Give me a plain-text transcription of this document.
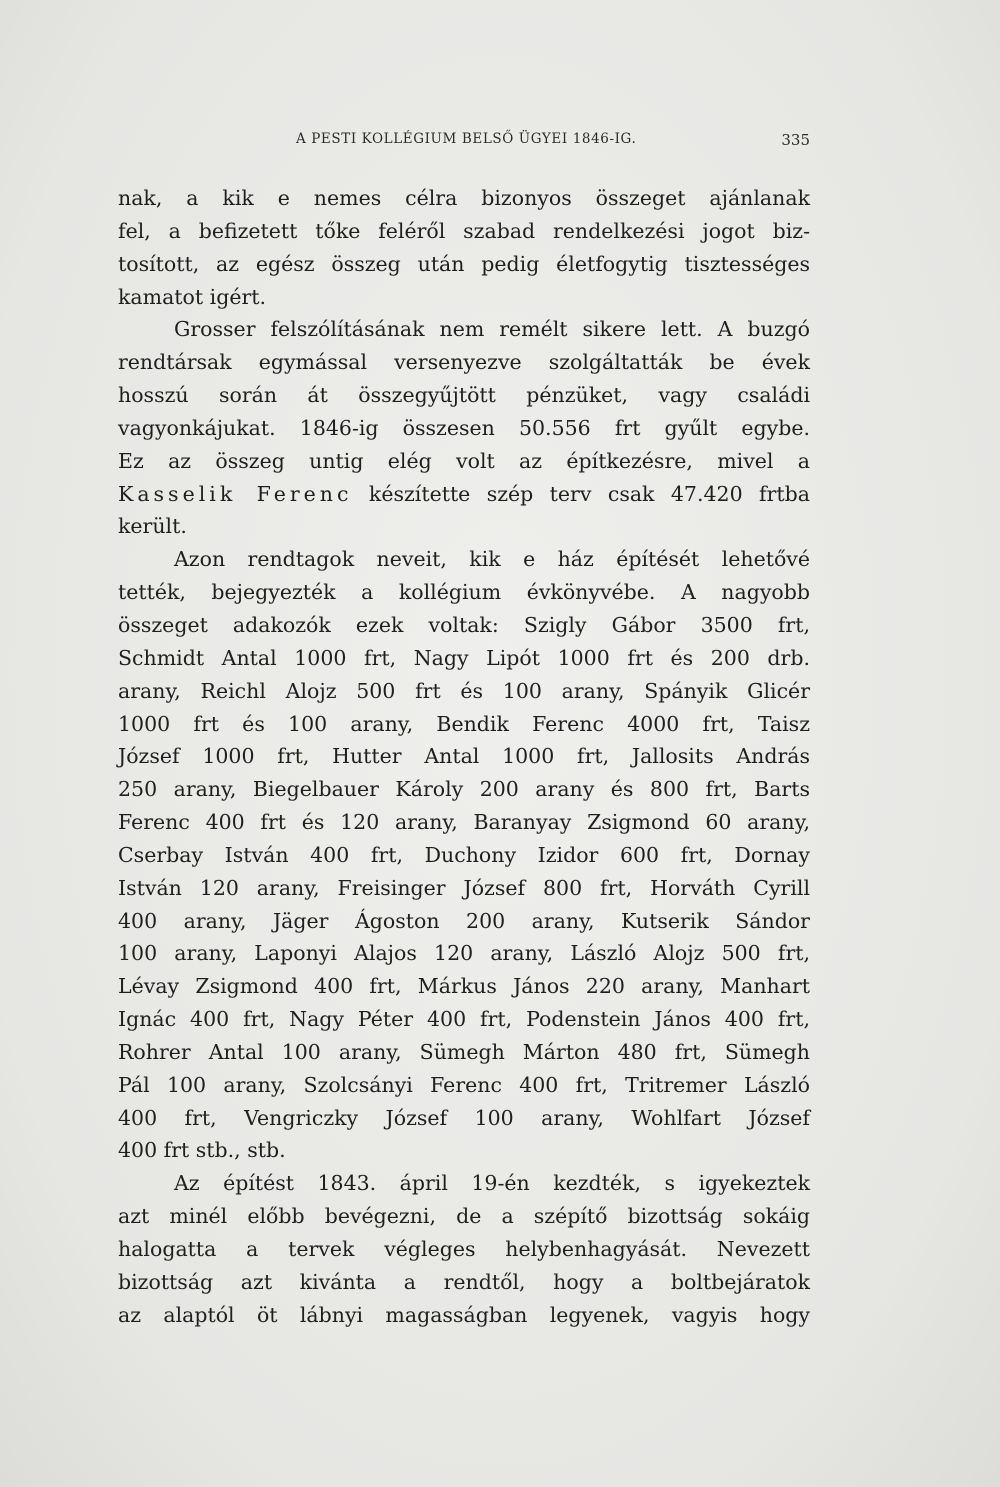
A PESTI KOLLÉGIUM BELSŐ ÜGYEI 1846-IG.	335
nak, a kik e nemes célra bizonyos összeget ajánlanak
fel, a befizetett tőke feléről szabad rendelkezési jogot biz-
tosított, az egész összeg után pedig életfogytig tisztességes
kamatot igért.
Grosser felszólításának nem remélt sikere lett. A buzgó
rendtársak egymással versenyezve szolgáltatták be évek
hosszú során át összegyűjtött pénzüket, vagy családi
vagyonkájukat. 1846-ig összesen 50.556 frt gyűlt egybe.
Ez az összeg untig elég volt az építkezésre, mivel a
Kasselik Ferenc készítette szép terv csak 47.420 frtba
került.
Azon rendtagok neveit, kik e ház építését lehetővé
tették, bejegyezték a kollégium évkönyvébe. A nagyobb
összeget adakozók ezek voltak: Szigly Gábor 3500 frt,
Schmidt Antal 1000 frt, Nagy Lipót 1000 frt és 200 drb.
arany, Reichl Alojz 500 frt és 100 arany, Spányik Glicér
1000 frt és 100 arany, Bendik Ferenc 4000 frt, Taisz
József 1000 frt, Hutter Antal 1000 frt, Jallosits András
250 arany, Biegelbauer Károly 200 arany és 800 frt, Barts
Ferenc 400 frt és 120 arany, Baranyay Zsigmond 60 arany,
Cserbay István 400 frt, Duchony Izidor 600 frt, Dornay
István 120 arany, Freisinger József 800 frt, Horváth Cyrill
400 arany, Jäger Ágoston 200 arany, Kutserik Sándor
100 arany, Laponyi Alajos 120 arany, László Alojz 500 frt,
Lévay Zsigmond 400 frt, Márkus János 220 arany, Manhart
Ignác 400 frt, Nagy Péter 400 frt, Podenstein János 400 frt,
Rohrer Antal 100 arany, Sümegh Márton 480 frt, Sümegh
Pál 100 arany, Szolcsányi Ferenc 400 frt, Tritremer László
400 frt, Vengriczky József 100 arany, Wohlfart József
400 frt stb., stb.
Az építést 1843. ápril 19-én kezdték, s igyekeztek
azt minél előbb bevégezni, de a szépítő bizottság sokáig
halogatta a tervek végleges helybenhagyását. Nevezett
bizottság azt kivánta a rendtől, hogy a boltbejáratok
az alaptól öt lábnyi magasságban legyenek, vagyis hogy
